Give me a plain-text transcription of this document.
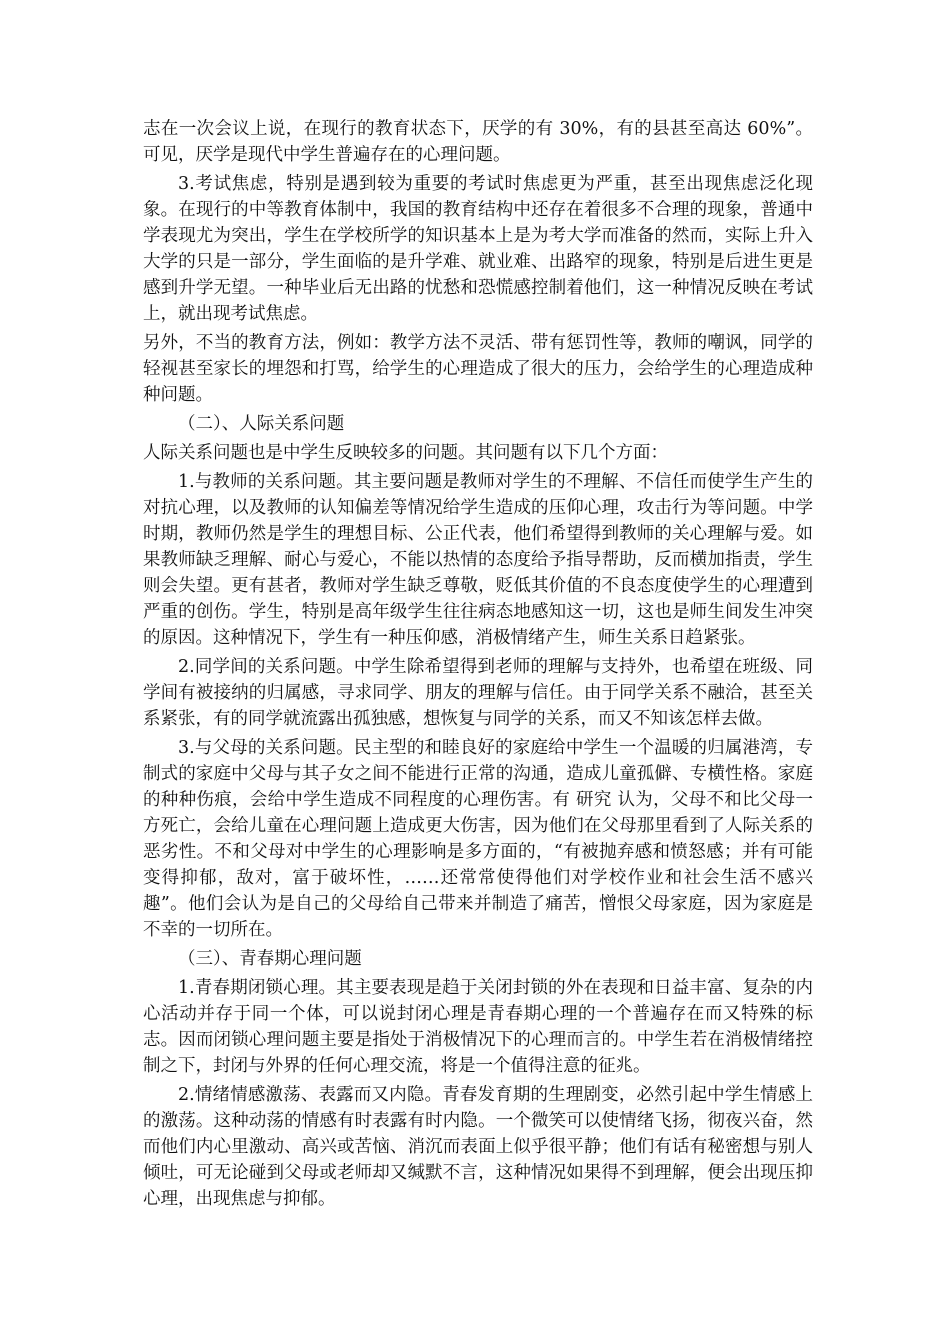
志在一次会议上说，在现行的教育状态下，厌学的有 30%，有的县甚至高达 60%”。可见，厌学是现代中学生普遍存在的心理问题。

3.考试焦虑，特别是遇到较为重要的考试时焦虑更为严重，甚至出现焦虑泛化现象。在现行的中等教育体制中，我国的教育结构中还存在着很多不合理的现象，普通中学表现尤为突出，学生在学校所学的知识基本上是为考大学而准备的然而，实际上升入大学的只是一部分，学生面临的是升学难、就业难、出路窄的现象，特别是后进生更是感到升学无望。一种毕业后无出路的忧愁和恐慌感控制着他们，这一种情况反映在考试上，就出现考试焦虑。

另外，不当的教育方法，例如：教学方法不灵活、带有惩罚性等，教师的嘲讽，同学的轻视甚至家长的埋怨和打骂，给学生的心理造成了很大的压力，会给学生的心理造成种种问题。

（二）、人际关系问题

人际关系问题也是中学生反映较多的问题。其问题有以下几个方面：

1.与教师的关系问题。其主要问题是教师对学生的不理解、不信任而使学生产生的对抗心理，以及教师的认知偏差等情况给学生造成的压仰心理，攻击行为等问题。中学时期，教师仍然是学生的理想目标、公正代表，他们希望得到教师的关心理解与爱。如果教师缺乏理解、耐心与爱心，不能以热情的态度给予指导帮助，反而横加指责，学生则会失望。更有甚者，教师对学生缺乏尊敬，贬低其价值的不良态度使学生的心理遭到严重的创伤。学生，特别是高年级学生往往病态地感知这一切，这也是师生间发生冲突的原因。这种情况下，学生有一种压仰感，消极情绪产生，师生关系日趋紧张。

2.同学间的关系问题。中学生除希望得到老师的理解与支持外，也希望在班级、同学间有被接纳的归属感，寻求同学、朋友的理解与信任。由于同学关系不融洽，甚至关系紧张，有的同学就流露出孤独感，想恢复与同学的关系，而又不知该怎样去做。

3.与父母的关系问题。民主型的和睦良好的家庭给中学生一个温暖的归属港湾，专制式的家庭中父母与其子女之间不能进行正常的沟通，造成儿童孤僻、专横性格。家庭的种种伤痕，会给中学生造成不同程度的心理伤害。有 研究 认为，父母不和比父母一方死亡，会给儿童在心理问题上造成更大伤害，因为他们在父母那里看到了人际关系的恶劣性。不和父母对中学生的心理影响是多方面的，“有被抛弃感和愤怒感；并有可能变得抑郁，敌对，富于破坏性，……还常常使得他们对学校作业和社会生活不感兴趣”。他们会认为是自己的父母给自己带来并制造了痛苦，憎恨父母家庭，因为家庭是不幸的一切所在。

（三）、青春期心理问题

1.青春期闭锁心理。其主要表现是趋于关闭封锁的外在表现和日益丰富、复杂的内心活动并存于同一个体，可以说封闭心理是青春期心理的一个普遍存在而又特殊的标志。因而闭锁心理问题主要是指处于消极情况下的心理而言的。中学生若在消极情绪控制之下，封闭与外界的任何心理交流，将是一个值得注意的征兆。

2.情绪情感激荡、表露而又内隐。青春发育期的生理剧变，必然引起中学生情感上的激荡。这种动荡的情感有时表露有时内隐。一个微笑可以使情绪飞扬，彻夜兴奋，然而他们内心里激动、高兴或苦恼、消沉而表面上似乎很平静；他们有话有秘密想与别人倾吐，可无论碰到父母或老师却又缄默不言，这种情况如果得不到理解，便会出现压抑心理，出现焦虑与抑郁。
